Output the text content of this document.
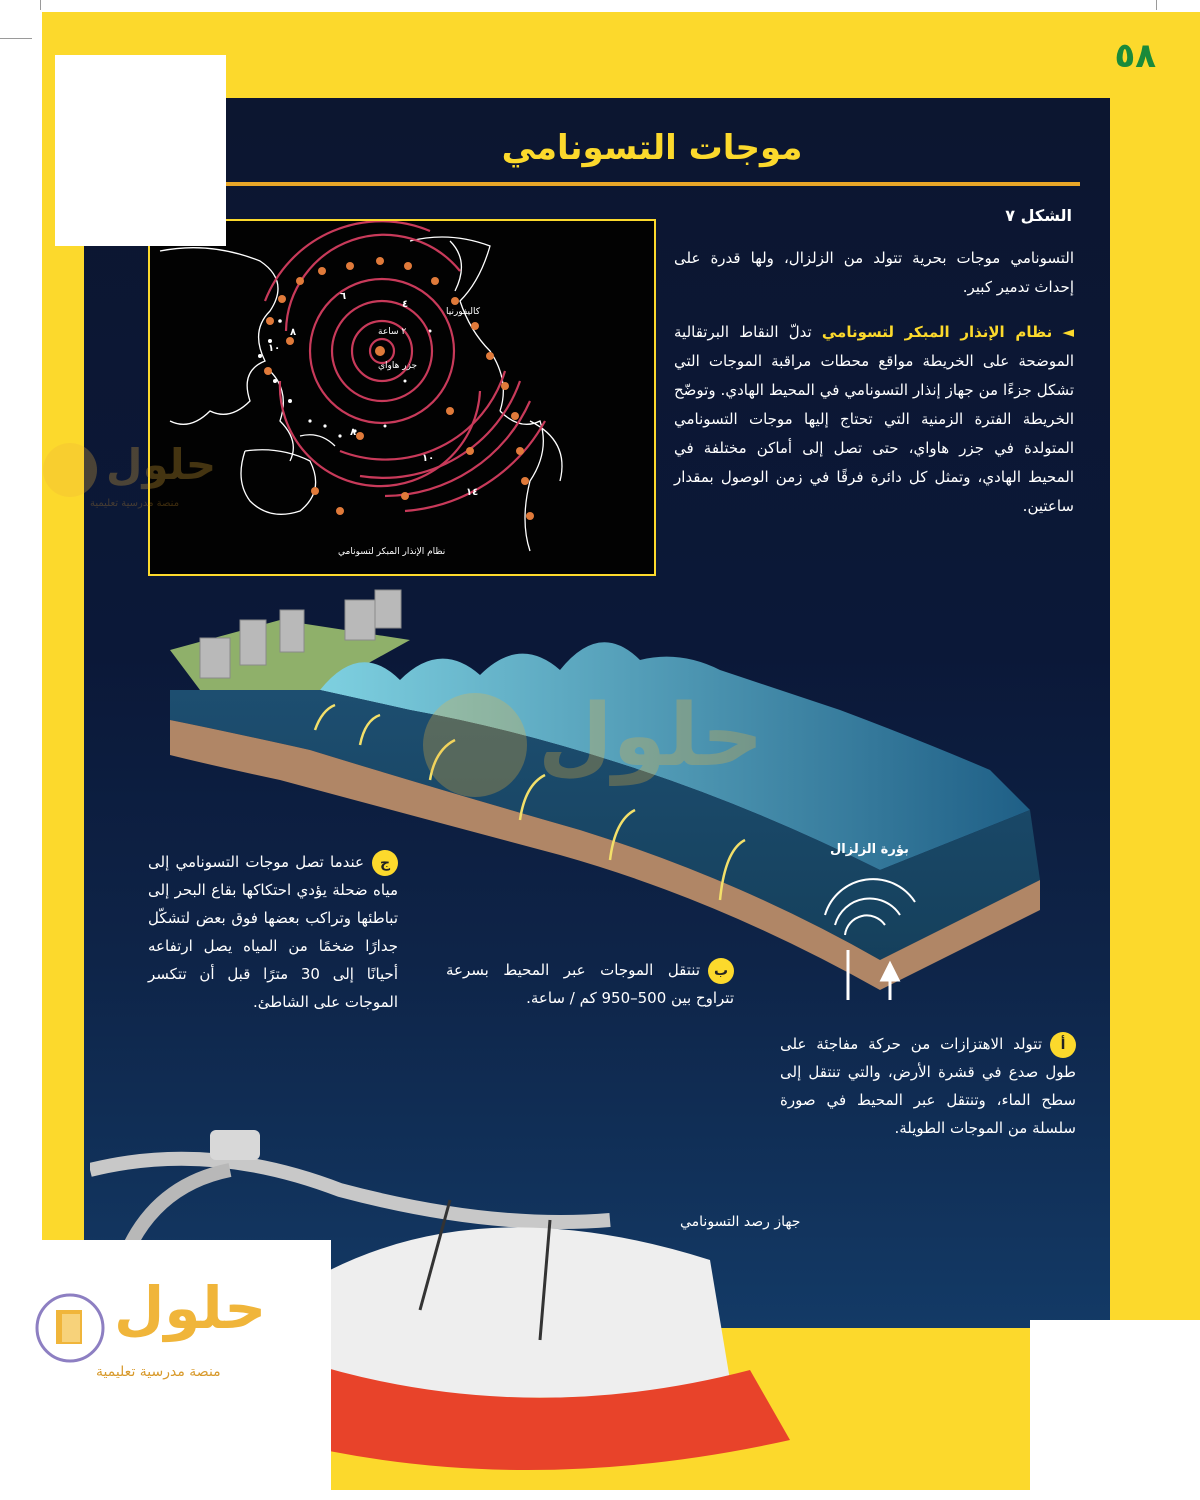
٥٨
موجات التسونامي
الشكل ٧
التسونامي موجات بحرية تتولد من الزلزال، ولها قدرة على إحداث تدمير كبير.
◄ نظام الإنذار المبكر لتسونامي تدلّ النقاط البرتقالية الموضحة على الخريطة مواقع محطات مراقبة الموجات التي تشكل جزءًا من جهاز إنذار التسونامي في المحيط الهادي. وتوضّح الخريطة الفترة الزمنية التي تحتاج إليها موجات التسونامي المتولدة في جزر هاواي، حتى تصل إلى أماكن مختلفة في المحيط الهادي، وتمثل كل دائرة فرقًا في زمن الوصول بمقدار ساعتين.
كاليفورنيا
جزر هاواي
٢ ساعة
نظام الإنذار المبكر لتسونامي
٤
٦
٨
١٠
٨
١٠
١٤
بؤرة الزلزال
جعندما تصل موجات التسونامي إلى مياه ضحلة يؤدي احتكاكها بقاع البحر إلى تباطئها وتراكب بعضها فوق بعض لتشكّل جدارًا ضخمًا من المياه يصل ارتفاعه أحيانًا إلى 30 مترًا قبل أن تتكسر الموجات على الشاطئ.
بتنتقل الموجات عبر المحيط بسرعة تتراوح بين 500–950 كم / ساعة.
أتتولد الاهتزازات من حركة مفاجئة على طول صدع في قشرة الأرض، والتي تنتقل إلى سطح الماء، وتنتقل عبر المحيط في صورة سلسلة من الموجات الطويلة.
جهاز رصد التسونامي
حلول
منصة مدرسية تعليمية
حلول
حلول
منصة مدرسية تعليمية
